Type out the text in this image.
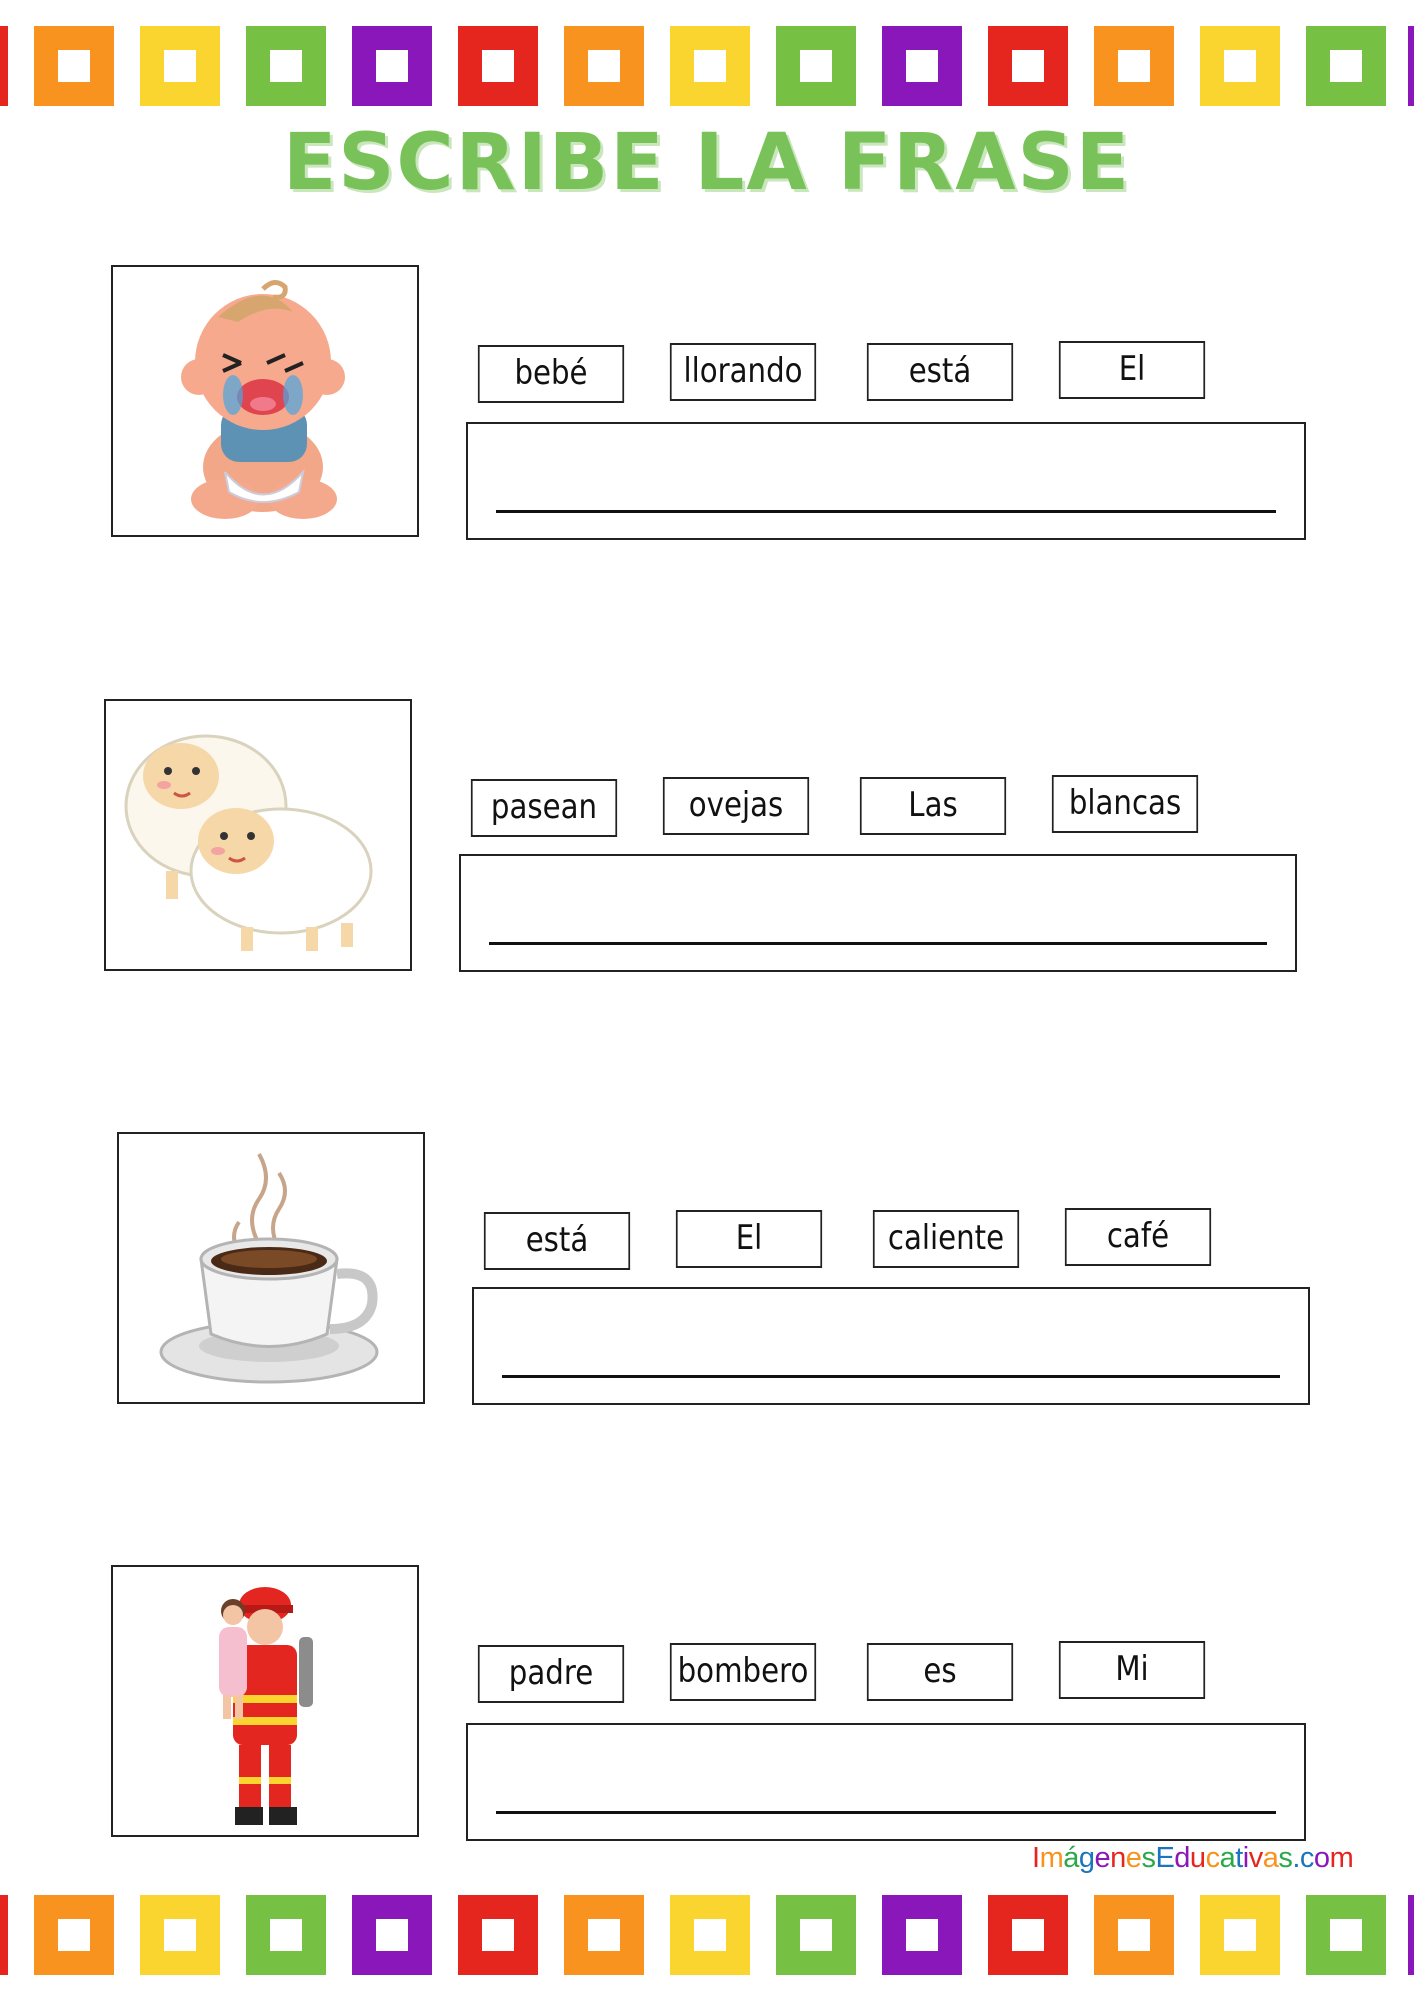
ESCRIBE LA FRASE
bebé	llorando	está	El
pasean	ovejas	Las	blancas
está	El	caliente	café
padre	bombero	es	Mi
ImágenesEducativas.com
